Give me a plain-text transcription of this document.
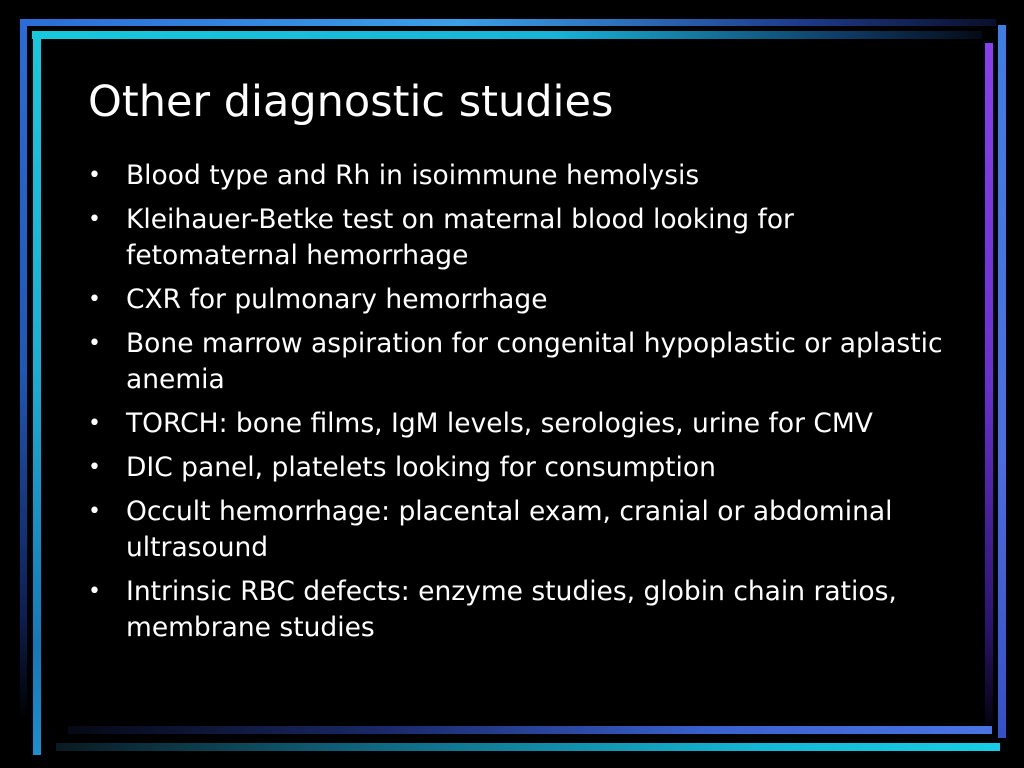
Other diagnostic studies
• Blood type and Rh in isoimmune hemolysis
• Kleihauer-Betke test on maternal blood looking for fetomaternal hemorrhage
• CXR for pulmonary hemorrhage
• Bone marrow aspiration for congenital hypoplastic or aplastic anemia
• TORCH: bone films, IgM levels, serologies, urine for CMV
• DIC panel, platelets looking for consumption
• Occult hemorrhage: placental exam, cranial or abdominal ultrasound
• Intrinsic RBC defects: enzyme studies, globin chain ratios, membrane studies
